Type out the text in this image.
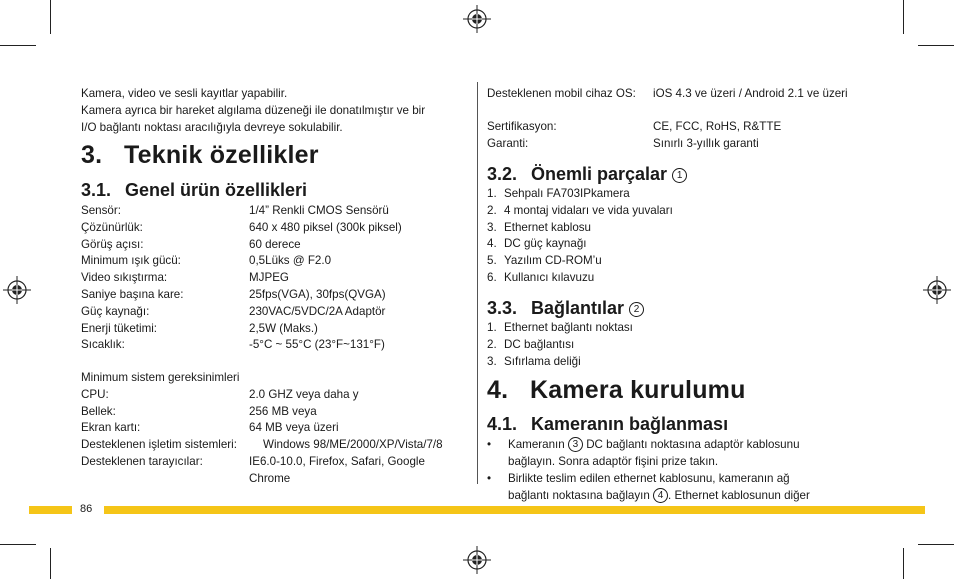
Kamera, video ve sesli kayıtlar yapabilir.
Kamera ayrıca bir hareket algılama düzeneği ile donatılmıştır ve bir
I/O bağlantı noktası aracılığıyla devreye sokulabilir.
3. Teknik özellikler
3.1. Genel ürün özellikleri
Sensör:	1/4” Renkli CMOS Sensörü
Çözünürlük:	640 x 480 piksel (300k piksel)
Görüş açısı:	60 derece
Minimum ışık gücü:	0,5Lüks @ F2.0
Video sıkıştırma:	MJPEG
Saniye başına kare:	25fps(VGA), 30fps(QVGA)
Güç kaynağı:	230VAC/5VDC/2A Adaptör
Enerji tüketimi:	2,5W (Maks.)
Sıcaklık:	-5°C ~ 55°C (23°F~131°F)
Minimum sistem gereksinimleri
CPU:	2.0 GHZ veya daha y
Bellek:	256 MB veya
Ekran kartı:	64 MB veya üzeri
Desteklenen işletim sistemleri: Windows 98/ME/2000/XP/Vista/7/8
Desteklenen tarayıcılar:	IE6.0-10.0, Firefox, Safari, Google
Chrome
Desteklenen mobil cihaz OS: iOS 4.3 ve üzeri / Android 2.1 ve üzeri
Sertifikasyon:	CE, FCC, RoHS, R&TTE
Garanti:	Sınırlı 3-yıllık garanti
3.2. Önemli parçalar 1
1. Sehpalı FA703IPkamera
2. 4 montaj vidaları ve vida yuvaları
3. Ethernet kablosu
4. DC güç kaynağı
5. Yazılım CD-ROM’u
6. Kullanıcı kılavuzu
3.3. Bağlantılar 2
1. Ethernet bağlantı noktası
2. DC bağlantısı
3. Sıfırlama deliği
4. Kamera kurulumu
4.1. Kameranın bağlanması
• Kameranın 3 DC bağlantı noktasına adaptör kablosunu
bağlayın. Sonra adaptör fişini prize takın.
• Birlikte teslim edilen ethernet kablosunu, kameranın ağ
bağlantı noktasına bağlayın 4 . Ethernet kablosunun diğer
86
